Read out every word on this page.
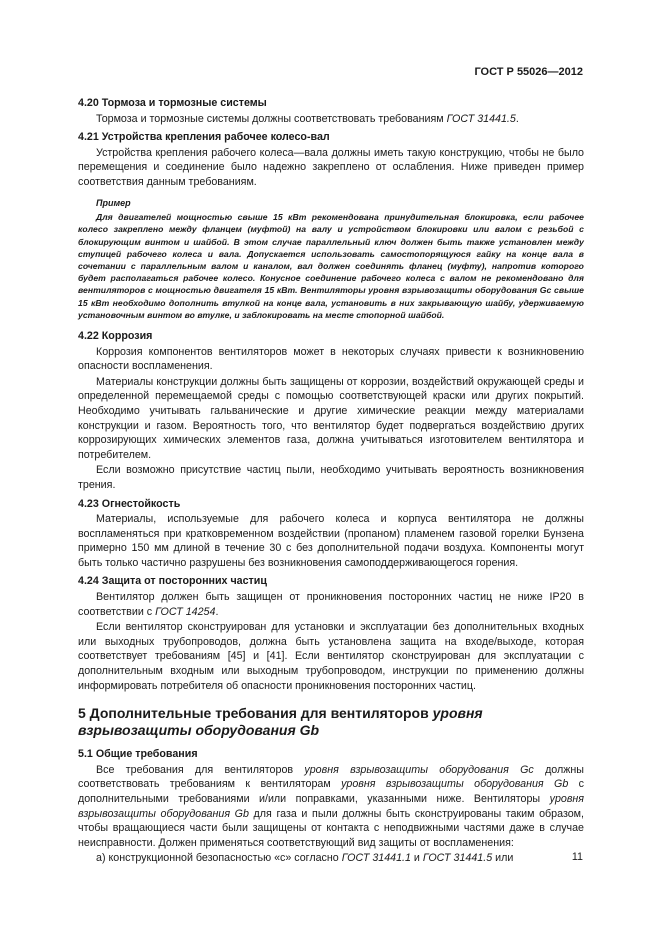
ГОСТ Р 55026—2012
4.20 Тормоза и тормозные системы

Тормоза и тормозные системы должны соответствовать требованиям ГОСТ 31441.5.

4.21 Устройства крепления рабочее колесо-вал

Устройства крепления рабочего колеса—вала должны иметь такую конструкцию, чтобы не было перемещения и соединение было надежно закреплено от ослабления. Ниже приведен пример соответствия данным требованиям.

Пример

Для двигателей мощностью свыше 15 кВт рекомендована принудительная блокировка, если рабочее колесо закреплено между фланцем (муфтой) на валу и устройством блокировки или валом с резьбой с блокирующим винтом и шайбой. В этом случае параллельный ключ должен быть также установлен между ступицей рабочего колеса и вала. Допускается использовать самостопорящуюся гайку на конце вала в сочетании с параллельным валом и каналом, вал должен соединять фланец (муфту), напротив которого будет располагаться рабочее колесо. Конусное соединение рабочего колеса с валом не рекомендовано для вентиляторов с мощностью двигателя 15 кВт. Вентиляторы уровня взрывозащиты оборудования Gc свыше 15 кВт необходимо дополнить втулкой на конце вала, установить в них закрывающую шайбу, удерживаемую установочным винтом во втулке, и заблокировать на месте стопорной шайбой.

4.22 Коррозия

Коррозия компонентов вентиляторов может в некоторых случаях привести к возникновению опасности воспламенения.

Материалы конструкции должны быть защищены от коррозии, воздействий окружающей среды и определенной перемещаемой среды с помощью соответствующей краски или других покрытий. Необходимо учитывать гальванические и другие химические реакции между материалами конструкции и газом. Вероятность того, что вентилятор будет подвергаться воздействию других коррозирующих химических элементов газа, должна учитываться изготовителем вентилятора и потребителем.

Если возможно присутствие частиц пыли, необходимо учитывать вероятность возникновения трения.

4.23 Огнестойкость

Материалы, используемые для рабочего колеса и корпуса вентилятора не должны воспламеняться при кратковременном воздействии (пропаном) пламенем газовой горелки Бунзена примерно 150 мм длиной в течение 30 с без дополнительной подачи воздуха. Компоненты могут быть только частично разрушены без возникновения самоподдерживающегося горения.

4.24 Защита от посторонних частиц

Вентилятор должен быть защищен от проникновения посторонних частиц не ниже IP20 в соответствии с ГОСТ 14254.

Если вентилятор сконструирован для установки и эксплуатации без дополнительных входных или выходных трубопроводов, должна быть установлена защита на входе/выходе, которая соответствует требованиям [45] и [41]. Если вентилятор сконструирован для эксплуатации с дополнительным входным или выходным трубопроводом, инструкции по применению должны информировать потребителя об опасности проникновения посторонних частиц.

5 Дополнительные требования для вентиляторов уровня взрывозащиты оборудования Gb
5.1 Общие требования

Все требования для вентиляторов уровня взрывозащиты оборудования Gc должны соответствовать требованиям к вентиляторам уровня взрывозащиты оборудования Gb с дополнительными требованиями и/или поправками, указанными ниже. Вентиляторы уровня взрывозащиты оборудования Gb для газа и пыли должны быть сконструированы таким образом, чтобы вращающиеся части были защищены от контакта с неподвижными частями даже в случае неисправности. Должен применяться соответствующий вид защиты от воспламенения:

а) конструкционной безопасностью «с» согласно ГОСТ 31441.1 и ГОСТ 31441.5 или	11
